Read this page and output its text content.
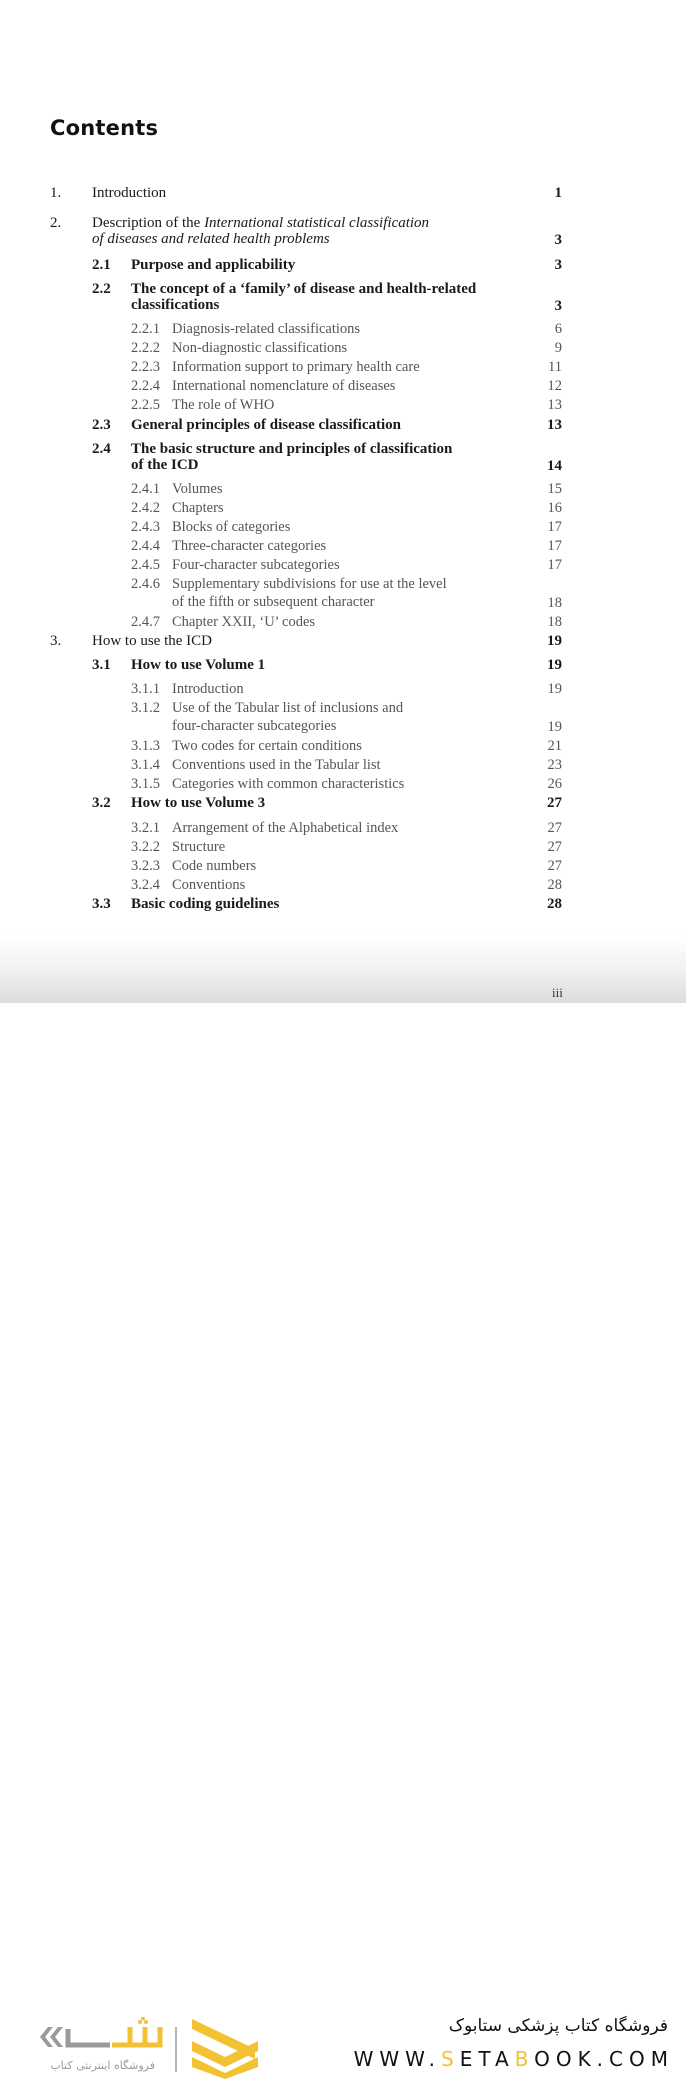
Contents
1. Introduction	1
2. Description of the International statistical classification
of diseases and related health problems	3
2.1 Purpose and applicability	3
2.2 The concept of a ‘family’ of disease and health-related
classifications	3
2.2.1 Diagnosis-related classifications	6
2.2.2 Non-diagnostic classifications	9
2.2.3 Information support to primary health care	11
2.2.4 International nomenclature of diseases	12
2.2.5 The role of WHO	13
2.3 General principles of disease classification	13
2.4 The basic structure and principles of classification
of the ICD	14
2.4.1 Volumes	15
2.4.2 Chapters	16
2.4.3 Blocks of categories	17
2.4.4 Three-character categories	17
2.4.5 Four-character subcategories	17
2.4.6 Supplementary subdivisions for use at the level
of the fifth or subsequent character	18
2.4.7 Chapter XXII, ‘U’ codes	18
3. How to use the ICD	19
3.1 How to use Volume 1	19
3.1.1 Introduction	19
3.1.2 Use of the Tabular list of inclusions and
four-character subcategories	19
3.1.3 Two codes for certain conditions	21
3.1.4 Conventions used in the Tabular list	23
3.1.5 Categories with common characteristics	26
3.2 How to use Volume 3	27
3.2.1 Arrangement of the Alphabetical index	27
3.2.2 Structure	27
3.2.3 Code numbers	27
3.2.4 Conventions	28
3.3 Basic coding guidelines	28
iii
فروشگاه اینترنتی کتاب
فروشگاه کتاب پزشکی ستابوک
WWW.SETABOOK.COM
